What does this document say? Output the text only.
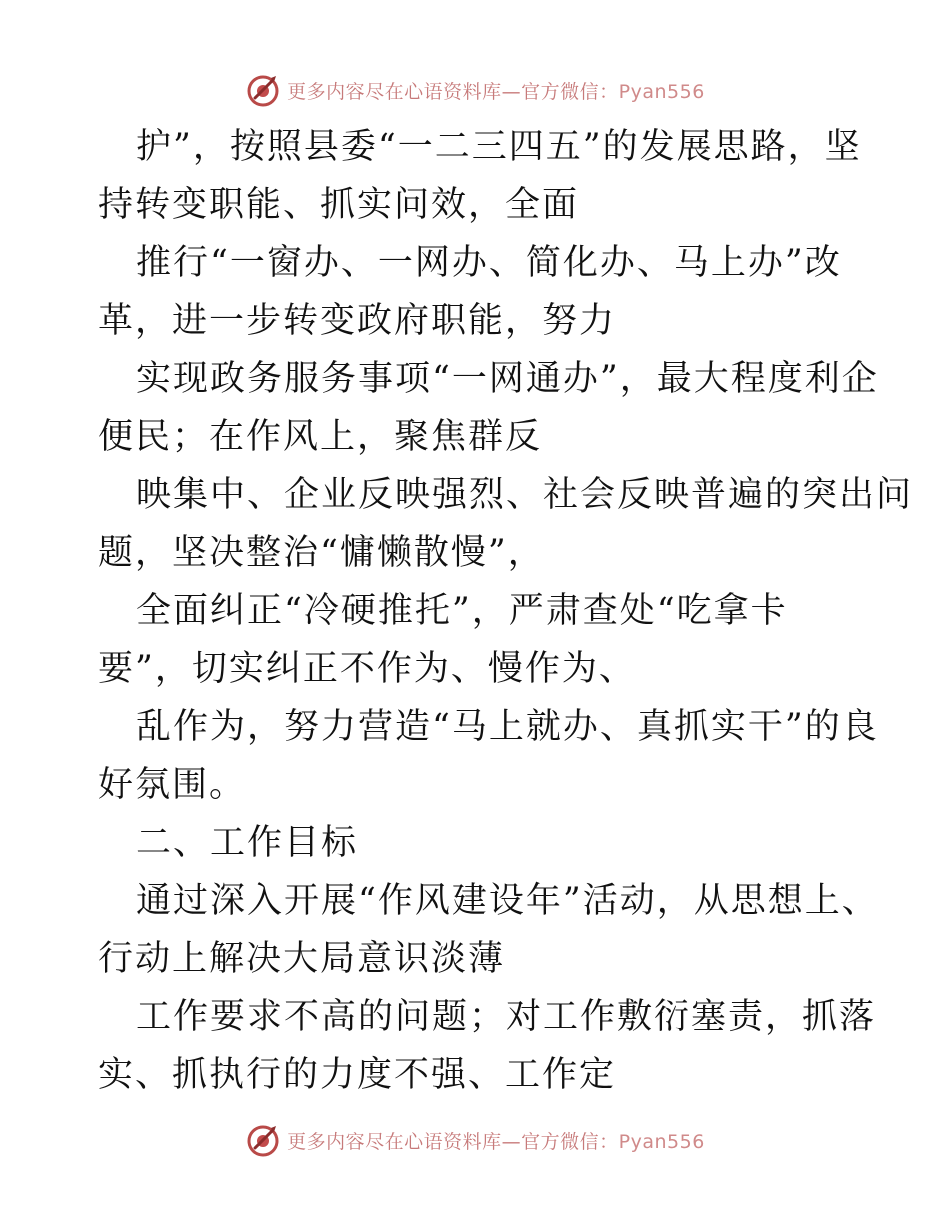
更多内容尽在心语资料库—官方微信：Pyan556
护”，按照县委“一二三四五”的发展思路，坚
持转变职能、抓实问效，全面
推行“一窗办、一网办、简化办、马上办”改
革，进一步转变政府职能，努力
实现政务服务事项“一网通办”，最大程度利企
便民；在作风上，聚焦群反
映集中、企业反映强烈、社会反映普遍的突出问
题，坚决整治“慵懒散慢”，
全面纠正“冷硬推托”，严肃查处“吃拿卡
要”，切实纠正不作为、慢作为、
乱作为，努力营造“马上就办、真抓实干”的良
好氛围。
二、工作目标
通过深入开展“作风建设年”活动，从思想上、
行动上解决大局意识淡薄
工作要求不高的问题；对工作敷衍塞责，抓落
实、抓执行的力度不强、工作定
更多内容尽在心语资料库—官方微信：Pyan556
